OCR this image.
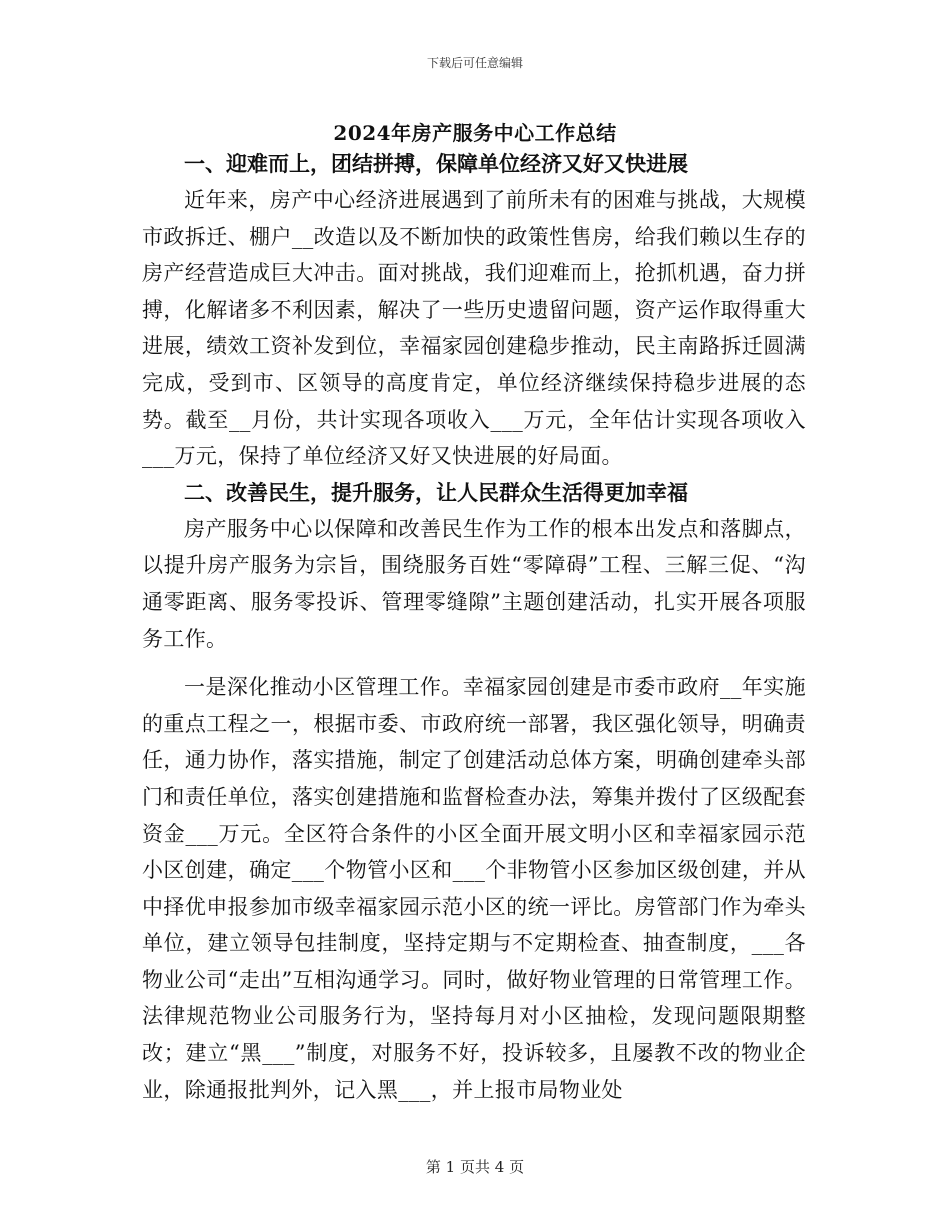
下载后可任意编辑
2024年房产服务中心工作总结
一、迎难而上，团结拼搏，保障单位经济又好又快进展

近年来，房产中心经济进展遇到了前所未有的困难与挑战，大规模市政拆迁、棚户__改造以及不断加快的政策性售房，给我们赖以生存的房产经营造成巨大冲击。面对挑战，我们迎难而上，抢抓机遇，奋力拼搏，化解诸多不利因素，解决了一些历史遗留问题，资产运作取得重大进展，绩效工资补发到位，幸福家园创建稳步推动，民主南路拆迁圆满完成，受到市、区领导的高度肯定，单位经济继续保持稳步进展的态势。截至__月份，共计实现各项收入___万元，全年估计实现各项收入___万元，保持了单位经济又好又快进展的好局面。

二、改善民生，提升服务，让人民群众生活得更加幸福

房产服务中心以保障和改善民生作为工作的根本出发点和落脚点，以提升房产服务为宗旨，围绕服务百姓“零障碍”工程、三解三促、“沟通零距离、服务零投诉、管理零缝隙”主题创建活动，扎实开展各项服务工作。

一是深化推动小区管理工作。幸福家园创建是市委市政府__年实施的重点工程之一，根据市委、市政府统一部署，我区强化领导，明确责任，通力协作，落实措施，制定了创建活动总体方案，明确创建牵头部门和责任单位，落实创建措施和监督检查办法，筹集并拨付了区级配套资金___万元。全区符合条件的小区全面开展文明小区和幸福家园示范小区创建，确定___个物管小区和___个非物管小区参加区级创建，并从中择优申报参加市级幸福家园示范小区的统一评比。房管部门作为牵头单位，建立领导包挂制度，坚持定期与不定期检查、抽查制度，___各物业公司“走出”互相沟通学习。同时，做好物业管理的日常管理工作。法律规范物业公司服务行为，坚持每月对小区抽检，发现问题限期整改；建立“黑___”制度，对服务不好，投诉较多，且屡教不改的物业企业，除通报批判外，记入黑___，并上报市局物业处

第 1 页共 4 页
